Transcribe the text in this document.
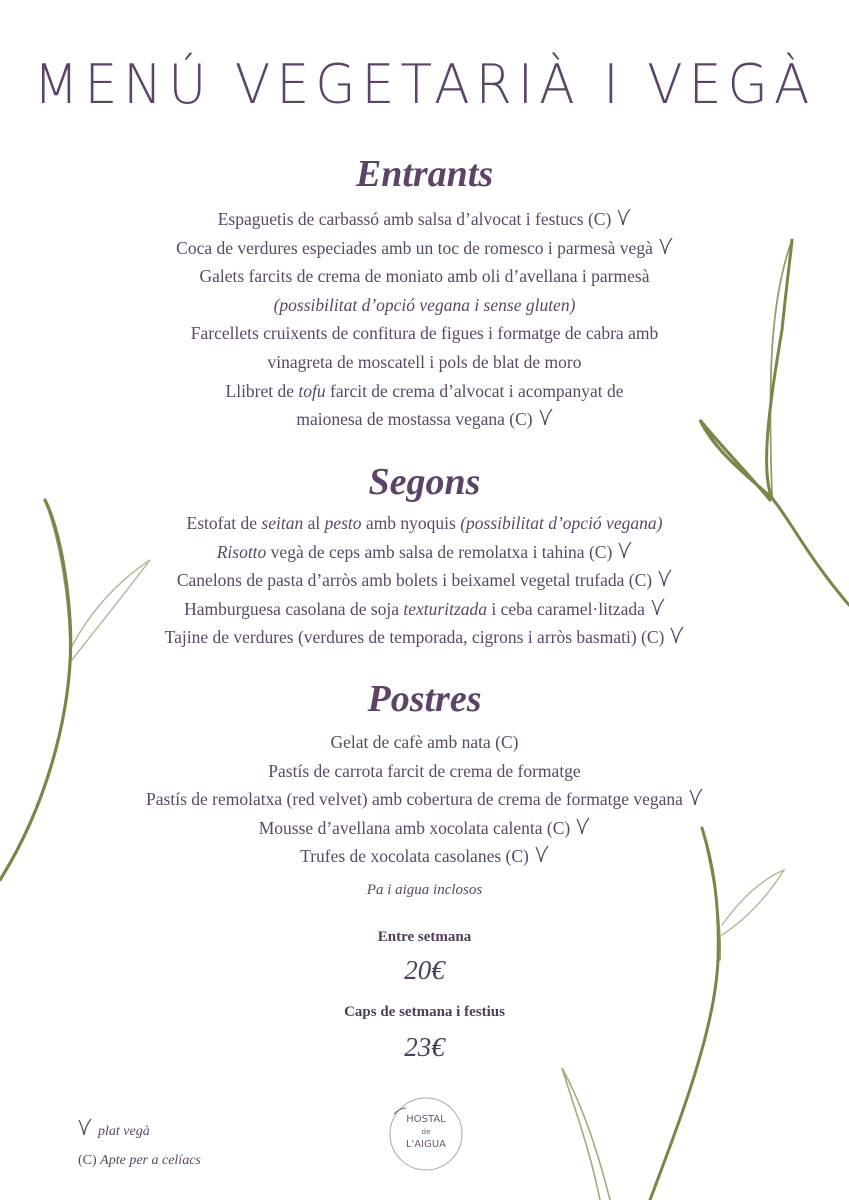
MENÚ VEGETARIÀ I VEGÀ
Entrants
Espaguetis de carbassó amb salsa d’alvocat i festucs (C)
Coca de verdures especiades amb un toc de romesco i parmesà vegà
Galets farcits de crema de moniato amb oli d’avellana i parmesà
(possibilitat d’opció vegana i sense gluten)
Farcellets cruixents de confitura de figues i formatge de cabra amb
vinagreta de moscatell i pols de blat de moro
Llibret de tofu farcit de crema d’alvocat i acompanyat de
maionesa de mostassa vegana (C)
Segons
Estofat de seitan al pesto amb nyoquis (possibilitat d’opció vegana)
Risotto vegà de ceps amb salsa de remolatxa i tahina (C)
Canelons de pasta d’arròs amb bolets i beixamel vegetal trufada (C)
Hamburguesa casolana de soja texturitzada i ceba caramel·litzada
Tajine de verdures (verdures de temporada, cigrons i arròs basmati) (C)
Postres
Gelat de cafè amb nata (C)
Pastís de carrota farcit de crema de formatge
Pastís de remolatxa (red velvet) amb cobertura de crema de formatge vegana
Mousse d’avellana amb xocolata calenta (C)
Trufes de xocolata casolanes (C)
Pa i aigua inclosos
Entre setmana
20€
Caps de setmana i festius
23€
HOSTAL
de
L'AIGUA
plat vegà
(C) Apte per a celíacs
